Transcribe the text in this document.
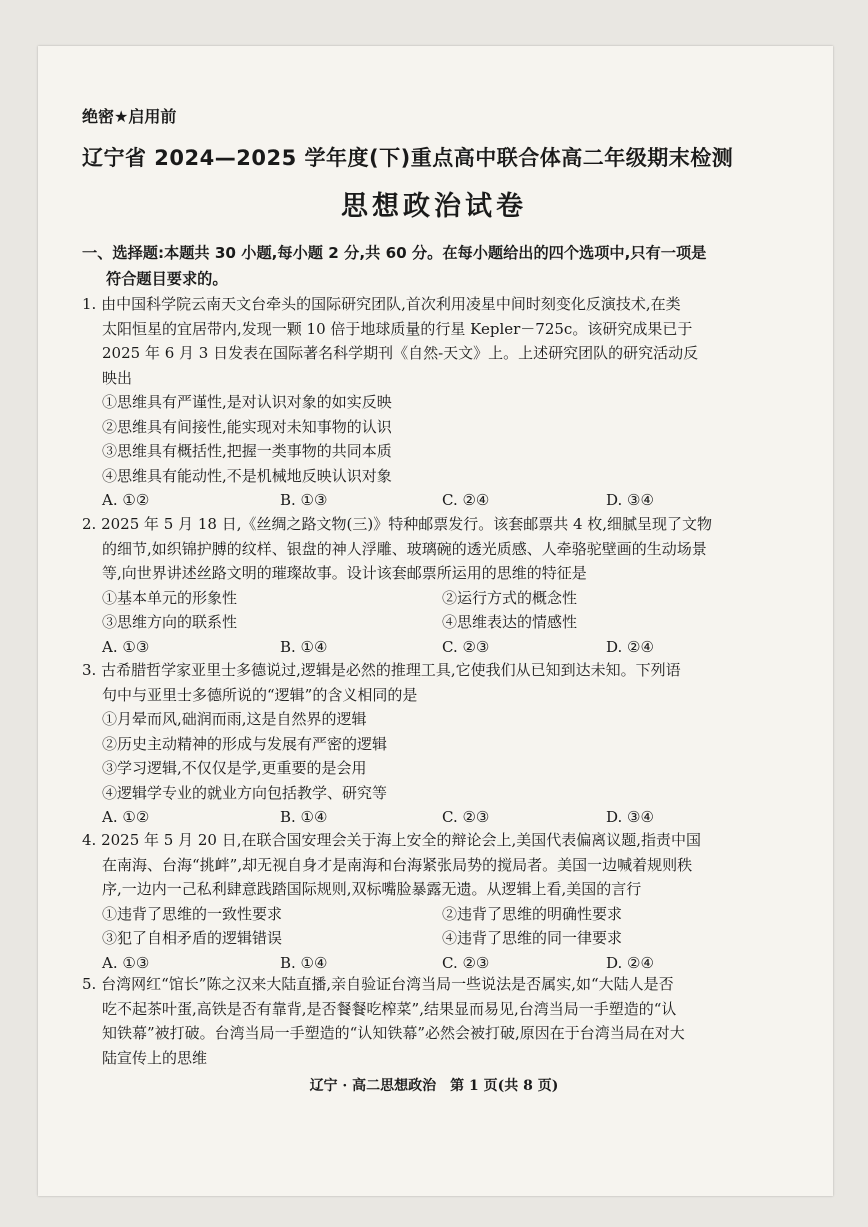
绝密★启用前
辽宁省 2024—2025 学年度(下)重点高中联合体高二年级期末检测
思想政治试卷
一、选择题:本题共 30 小题,每小题 2 分,共 60 分。在每小题给出的四个选项中,只有一项是
符合题目要求的。
1. 由中国科学院云南天文台牵头的国际研究团队,首次利用凌星中间时刻变化反演技术,在类
太阳恒星的宜居带内,发现一颗 10 倍于地球质量的行星 Kepler－725c。该研究成果已于
2025 年 6 月 3 日发表在国际著名科学期刊《自然-天文》上。上述研究团队的研究活动反
映出
①思维具有严谨性,是对认识对象的如实反映
②思维具有间接性,能实现对未知事物的认识
③思维具有概括性,把握一类事物的共同本质
④思维具有能动性,不是机械地反映认识对象
A. ①②	B. ①③	C. ②④	D. ③④
2. 2025 年 5 月 18 日,《丝绸之路文物(三)》特种邮票发行。该套邮票共 4 枚,细腻呈现了文物
的细节,如织锦护膊的纹样、银盘的神人浮雕、玻璃碗的透光质感、人牵骆驼壁画的生动场景
等,向世界讲述丝路文明的璀璨故事。设计该套邮票所运用的思维的特征是
①基本单元的形象性	②运行方式的概念性
③思维方向的联系性	④思维表达的情感性
A. ①③	B. ①④	C. ②③	D. ②④
3. 古希腊哲学家亚里士多德说过,逻辑是必然的推理工具,它使我们从已知到达未知。下列语
句中与亚里士多德所说的“逻辑”的含义相同的是
①月晕而风,础润而雨,这是自然界的逻辑
②历史主动精神的形成与发展有严密的逻辑
③学习逻辑,不仅仅是学,更重要的是会用
④逻辑学专业的就业方向包括教学、研究等
A. ①②	B. ①④	C. ②③	D. ③④
4. 2025 年 5 月 20 日,在联合国安理会关于海上安全的辩论会上,美国代表偏离议题,指责中国
在南海、台海“挑衅”,却无视自身才是南海和台海紧张局势的搅局者。美国一边喊着规则秩
序,一边内一己私利肆意践踏国际规则,双标嘴脸暴露无遗。从逻辑上看,美国的言行
①违背了思维的一致性要求	②违背了思维的明确性要求
③犯了自相矛盾的逻辑错误	④违背了思维的同一律要求
A. ①③	B. ①④	C. ②③	D. ②④
5. 台湾网红“馆长”陈之汉来大陆直播,亲自验证台湾当局一些说法是否属实,如“大陆人是否
吃不起茶叶蛋,高铁是否有靠背,是否餐餐吃榨菜”,结果显而易见,台湾当局一手塑造的“认
知铁幕”被打破。台湾当局一手塑造的“认知铁幕”必然会被打破,原因在于台湾当局在对大
陆宣传上的思维
辽宁 · 高二思想政治　第 1 页(共 8 页)
